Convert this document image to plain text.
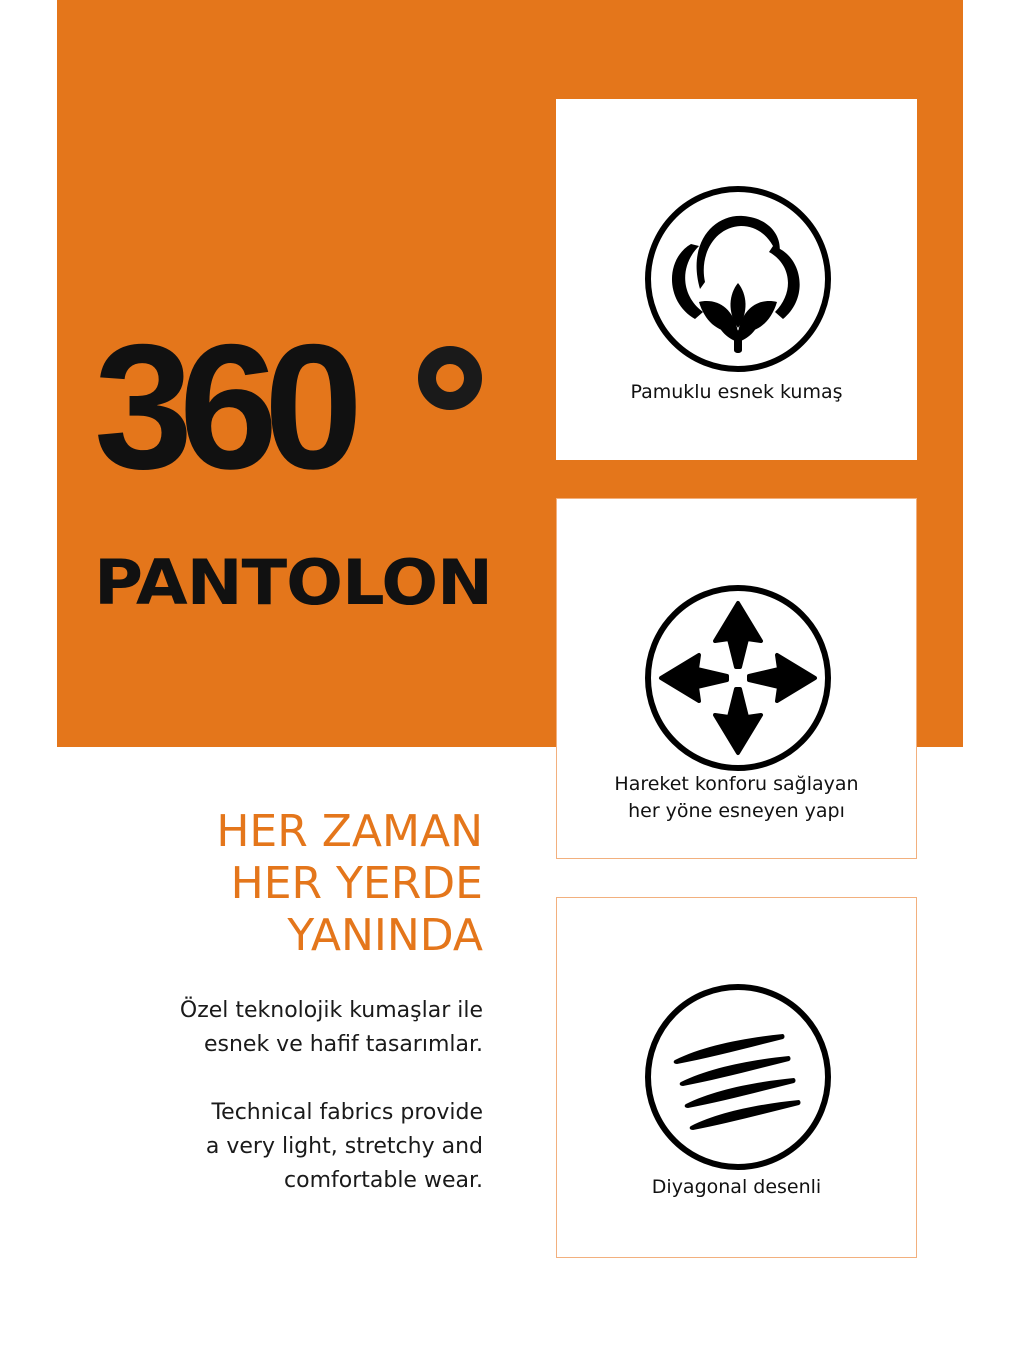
360
PANTOLON
HER ZAMAN
HER YERDE
YANINDA
Özel teknolojik kumaşlar ile
esnek ve hafif tasarımlar.
Technical fabrics provide
a very light, stretchy and
comfortable wear.
Pamuklu esnek kumaş
Hareket konforu sağlayan
her yöne esneyen yapı
Diyagonal desenli
